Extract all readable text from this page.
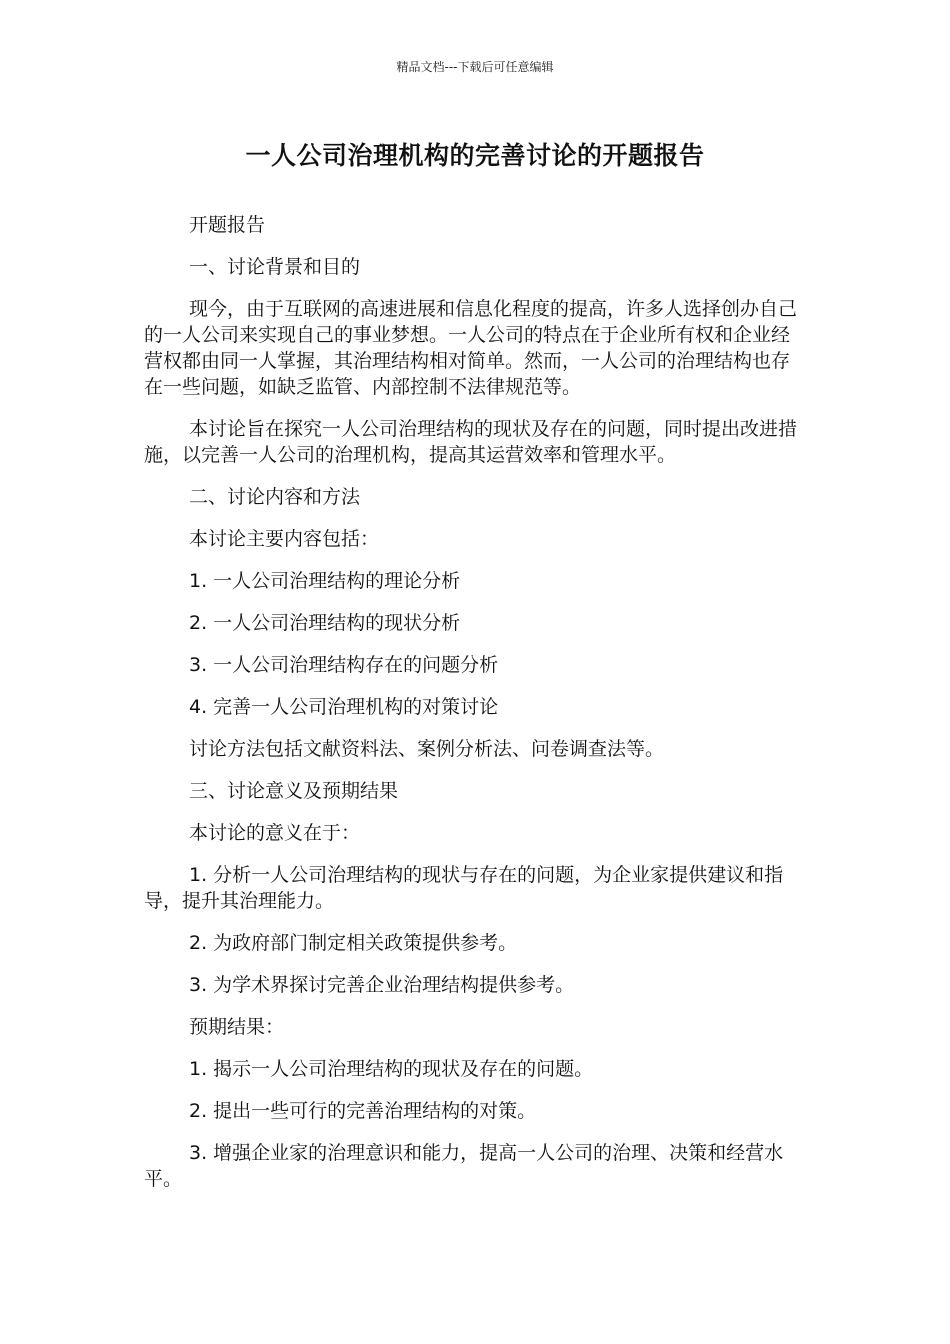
精品文档---下载后可任意编辑
一人公司治理机构的完善讨论的开题报告

开题报告

一、讨论背景和目的

现今，由于互联网的高速进展和信息化程度的提高，许多人选择创办自己的一人公司来实现自己的事业梦想。一人公司的特点在于企业所有权和企业经营权都由同一人掌握，其治理结构相对简单。然而，一人公司的治理结构也存在一些问题，如缺乏监管、内部控制不法律规范等。

本讨论旨在探究一人公司治理结构的现状及存在的问题，同时提出改进措施，以完善一人公司的治理机构，提高其运营效率和管理水平。

二、讨论内容和方法

本讨论主要内容包括：

1. 一人公司治理结构的理论分析

2. 一人公司治理结构的现状分析

3. 一人公司治理结构存在的问题分析

4. 完善一人公司治理机构的对策讨论

讨论方法包括文献资料法、案例分析法、问卷调查法等。

三、讨论意义及预期结果

本讨论的意义在于：

1. 分析一人公司治理结构的现状与存在的问题，为企业家提供建议和指导，提升其治理能力。

2. 为政府部门制定相关政策提供参考。

3. 为学术界探讨完善企业治理结构提供参考。

预期结果：

1. 揭示一人公司治理结构的现状及存在的问题。

2. 提出一些可行的完善治理结构的对策。

3. 增强企业家的治理意识和能力，提高一人公司的治理、决策和经营水平。
